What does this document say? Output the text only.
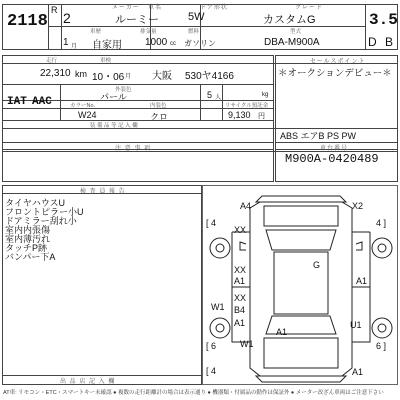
2118
R 2
メーカー 車名	ドア形状	グレード
ルーミー	5W	カスタムG	3.5
車歴	排気量	燃料	型式
1 月 自家用 1000 cc ガソリン	DBA-M900A	D B
走行	車検	セールスポイント
22,310 km 10・06 月 大阪 530ヤ4166	＊オークションデビュー＊
IAT AAC
外装色
パール	5 人	kg
カラーNo.	内装色	リサイクル預託金
W24	クロ	9,130 円
装 備 品 等 記 入 欄
ABS エアB PS PW
注 意 事 項	車台番号
M900A-0420489
検 査 員 報 告
タイヤハウスU
フロントピラー小U
ドアミラー刮れ小
室内内張傷
室内薄汚れ
タッチP跡
バンパー下A
出 品 店 記 入 欄
A4	X2
XX
G
XX
A1	A1
W1
XX
B4
U1
A1
A1
W1
A1
[ 4	4 ]
[ 6	6 ]
[ 4
AT車: リモコン・ETC・スマートキー未確認 ● 複数の走行距離計の場合は表示通り ● 機器類・付属品の動作は保証外 ● メーター改ざん車両はご注意下さい
